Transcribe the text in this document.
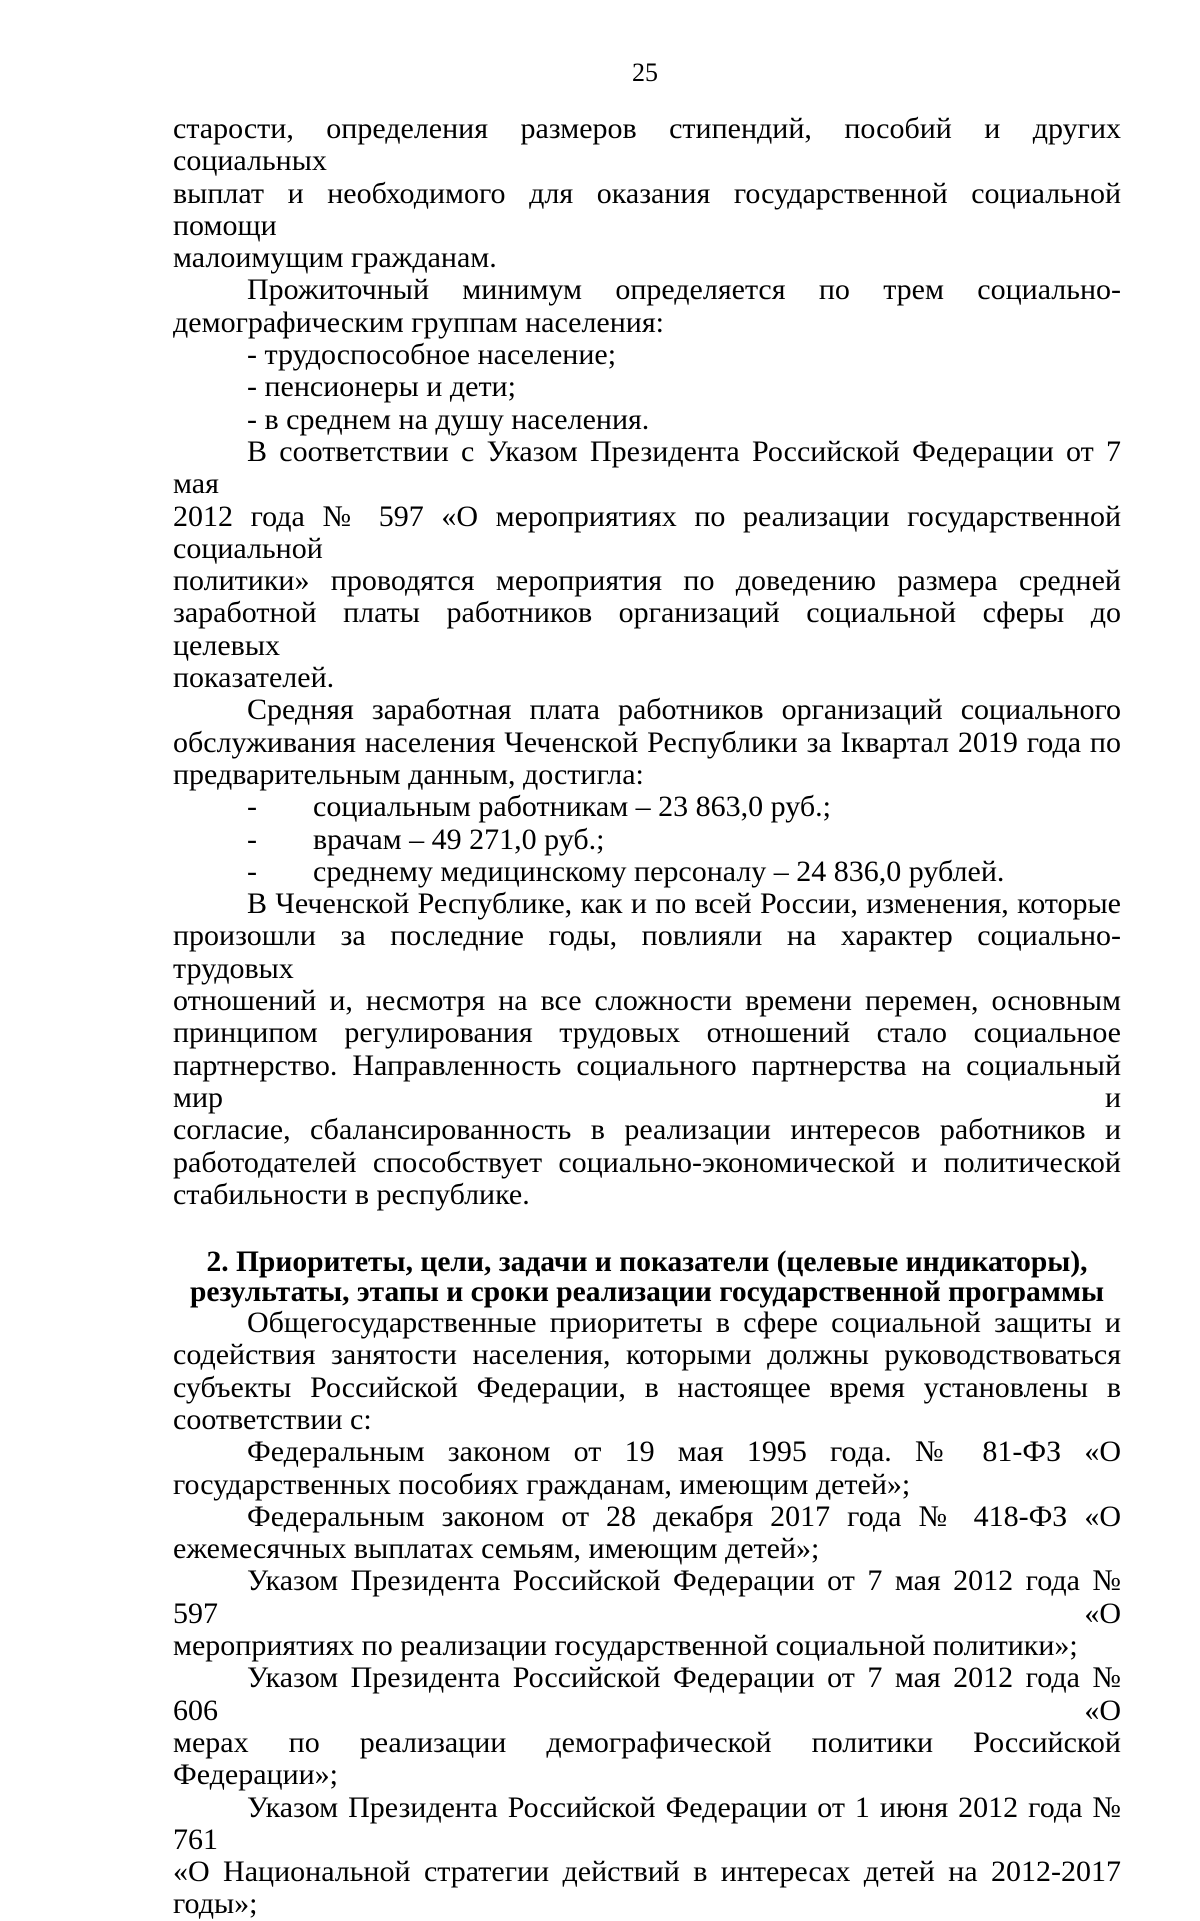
25

старости, определения размеров стипендий, пособий и других социальных

выплат и необходимого для оказания государственной социальной помощи

малоимущим гражданам.

Прожиточный минимум определяется по трем социально-

демографическим группам населения:

- трудоспособное население;

- пенсионеры и дети;

- в среднем на душу населения.

В соответствии с Указом Президента Российской Федерации от 7 мая

2012 года № 597 «О мероприятиях по реализации государственной социальной

политики» проводятся мероприятия по доведению размера средней

заработной платы работников организаций социальной сферы до целевых

показателей.

Средняя заработная плата работников организаций социального

обслуживания населения Чеченской Республики за Iквартал 2019 года по

предварительным данным, достигла:

-	социальным работникам – 23 863,0 руб.;
-	врачам – 49 271,0 руб.;
-	среднему медицинскому персоналу – 24 836,0 рублей.

В Чеченской Республике, как и по всей России, изменения, которые

произошли за последние годы, повлияли на характер социально-трудовых

отношений и, несмотря на все сложности времени перемен, основным

принципом регулирования трудовых отношений стало социальное

партнерство. Направленность социального партнерства на социальный мир и

согласие, сбалансированность в реализации интересов работников и

работодателей способствует социально-экономической и политической

стабильности в республике.

2. Приоритеты, цели, задачи и показатели (целевые индикаторы),
результаты, этапы и сроки реализации государственной программы

Общегосударственные приоритеты в сфере социальной защиты и

содействия занятости населения, которыми должны руководствоваться

субъекты Российской Федерации, в настоящее время установлены в

соответствии с:

Федеральным законом от 19 мая 1995 года. № 81-ФЗ «О

государственных пособиях гражданам, имеющим детей»;

Федеральным законом от 28 декабря 2017 года № 418-ФЗ «О

ежемесячных выплатах семьям, имеющим детей»;

Указом Президента Российской Федерации от 7 мая 2012 года № 597 «О

мероприятиях по реализации государственной социальной политики»;

Указом Президента Российской Федерации от 7 мая 2012 года № 606 «О

мерах по реализации демографической политики Российской Федерации»;

Указом Президента Российской Федерации от 1 июня 2012 года № 761

«О Национальной стратегии действий в интересах детей на 2012-2017 годы»;
